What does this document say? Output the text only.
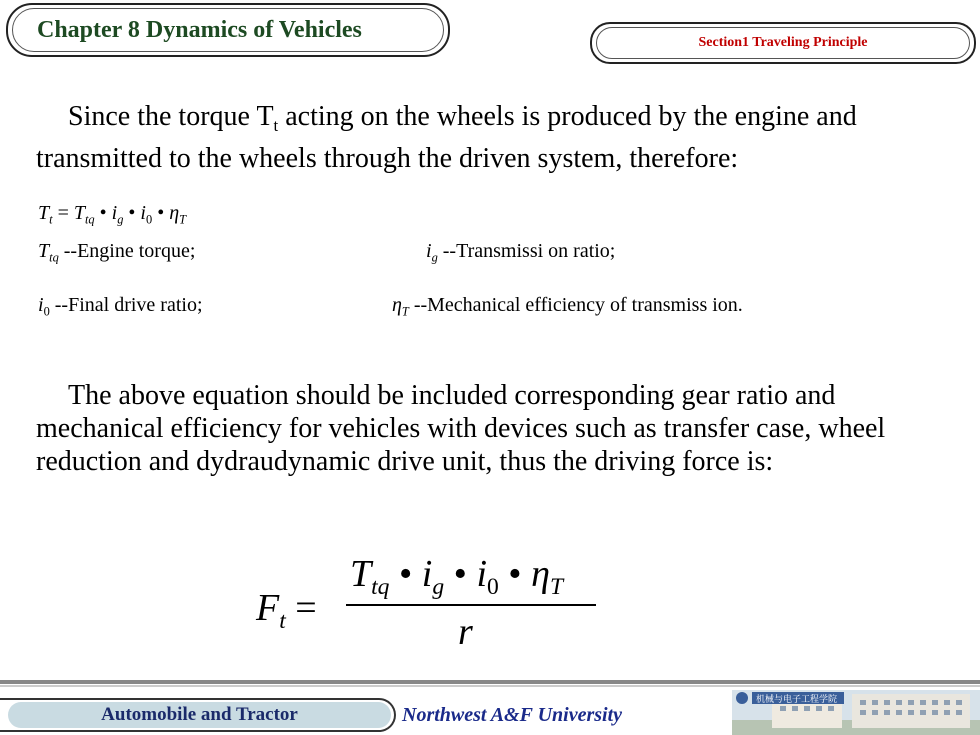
Chapter 8 Dynamics of Vehicles	Section1 Traveling Principle

Since the torque $T_t$ acting on the wheels is produced by the engine and transmitted to the wheels through the driven system, therefore:

$T_t = T_{tq}$ • $i_g$ • $i_0$ • $\eta_T$
$T_{tq}$ --Engine torque;	$i_g$ --Transmissi on ratio;
$i_0$ --Final drive ratio;	$\eta_T$ --Mechanical efficiency of transmiss ion.

The above equation should be included corresponding gear ratio and mechanical efficiency for vehicles with devices such as transfer case, wheel reduction and dydraudynamic drive unit, thus the driving force is:

$F_t$ =
$T_{tq}$ • $i_g$ • $i_0$ • $\eta_T$
r
Automobile and Tractor	Northwest A&F University
机械与电子工程学院
